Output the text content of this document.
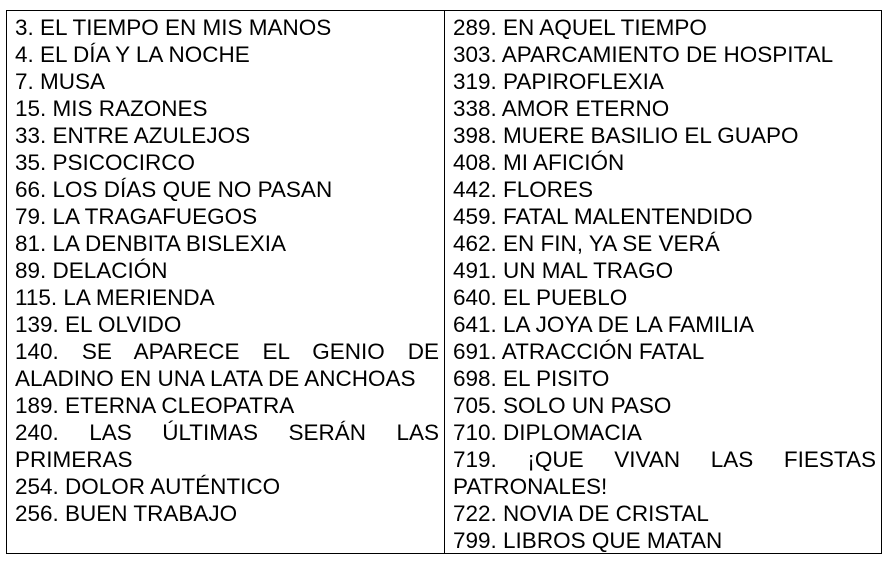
3. EL TIEMPO EN MIS MANOS

4. EL DÍA Y LA NOCHE

7. MUSA

15. MIS RAZONES

33. ENTRE AZULEJOS

35. PSICOCIRCO

66. LOS DÍAS QUE NO PASAN

79. LA TRAGAFUEGOS

81. LA DENBITA BISLEXIA

89. DELACIÓN

115. LA MERIENDA

139. EL OLVIDO

140. SE APARECE EL GENIO DE ALADINO EN UNA LATA DE ANCHOAS

189. ETERNA CLEOPATRA

240. LAS ÚLTIMAS SERÁN LAS PRIMERAS

254. DOLOR AUTÉNTICO

256. BUEN TRABAJO

289. EN AQUEL TIEMPO

303. APARCAMIENTO DE HOSPITAL

319. PAPIROFLEXIA

338. AMOR ETERNO

398. MUERE BASILIO EL GUAPO

408. MI AFICIÓN

442. FLORES

459. FATAL MALENTENDIDO

462. EN FIN, YA SE VERÁ

491. UN MAL TRAGO

640. EL PUEBLO

641. LA JOYA DE LA FAMILIA

691. ATRACCIÓN FATAL

698. EL PISITO

705. SOLO UN PASO

710. DIPLOMACIA

719. ¡QUE VIVAN LAS FIESTAS PATRONALES!

722. NOVIA DE CRISTAL

799. LIBROS QUE MATAN
